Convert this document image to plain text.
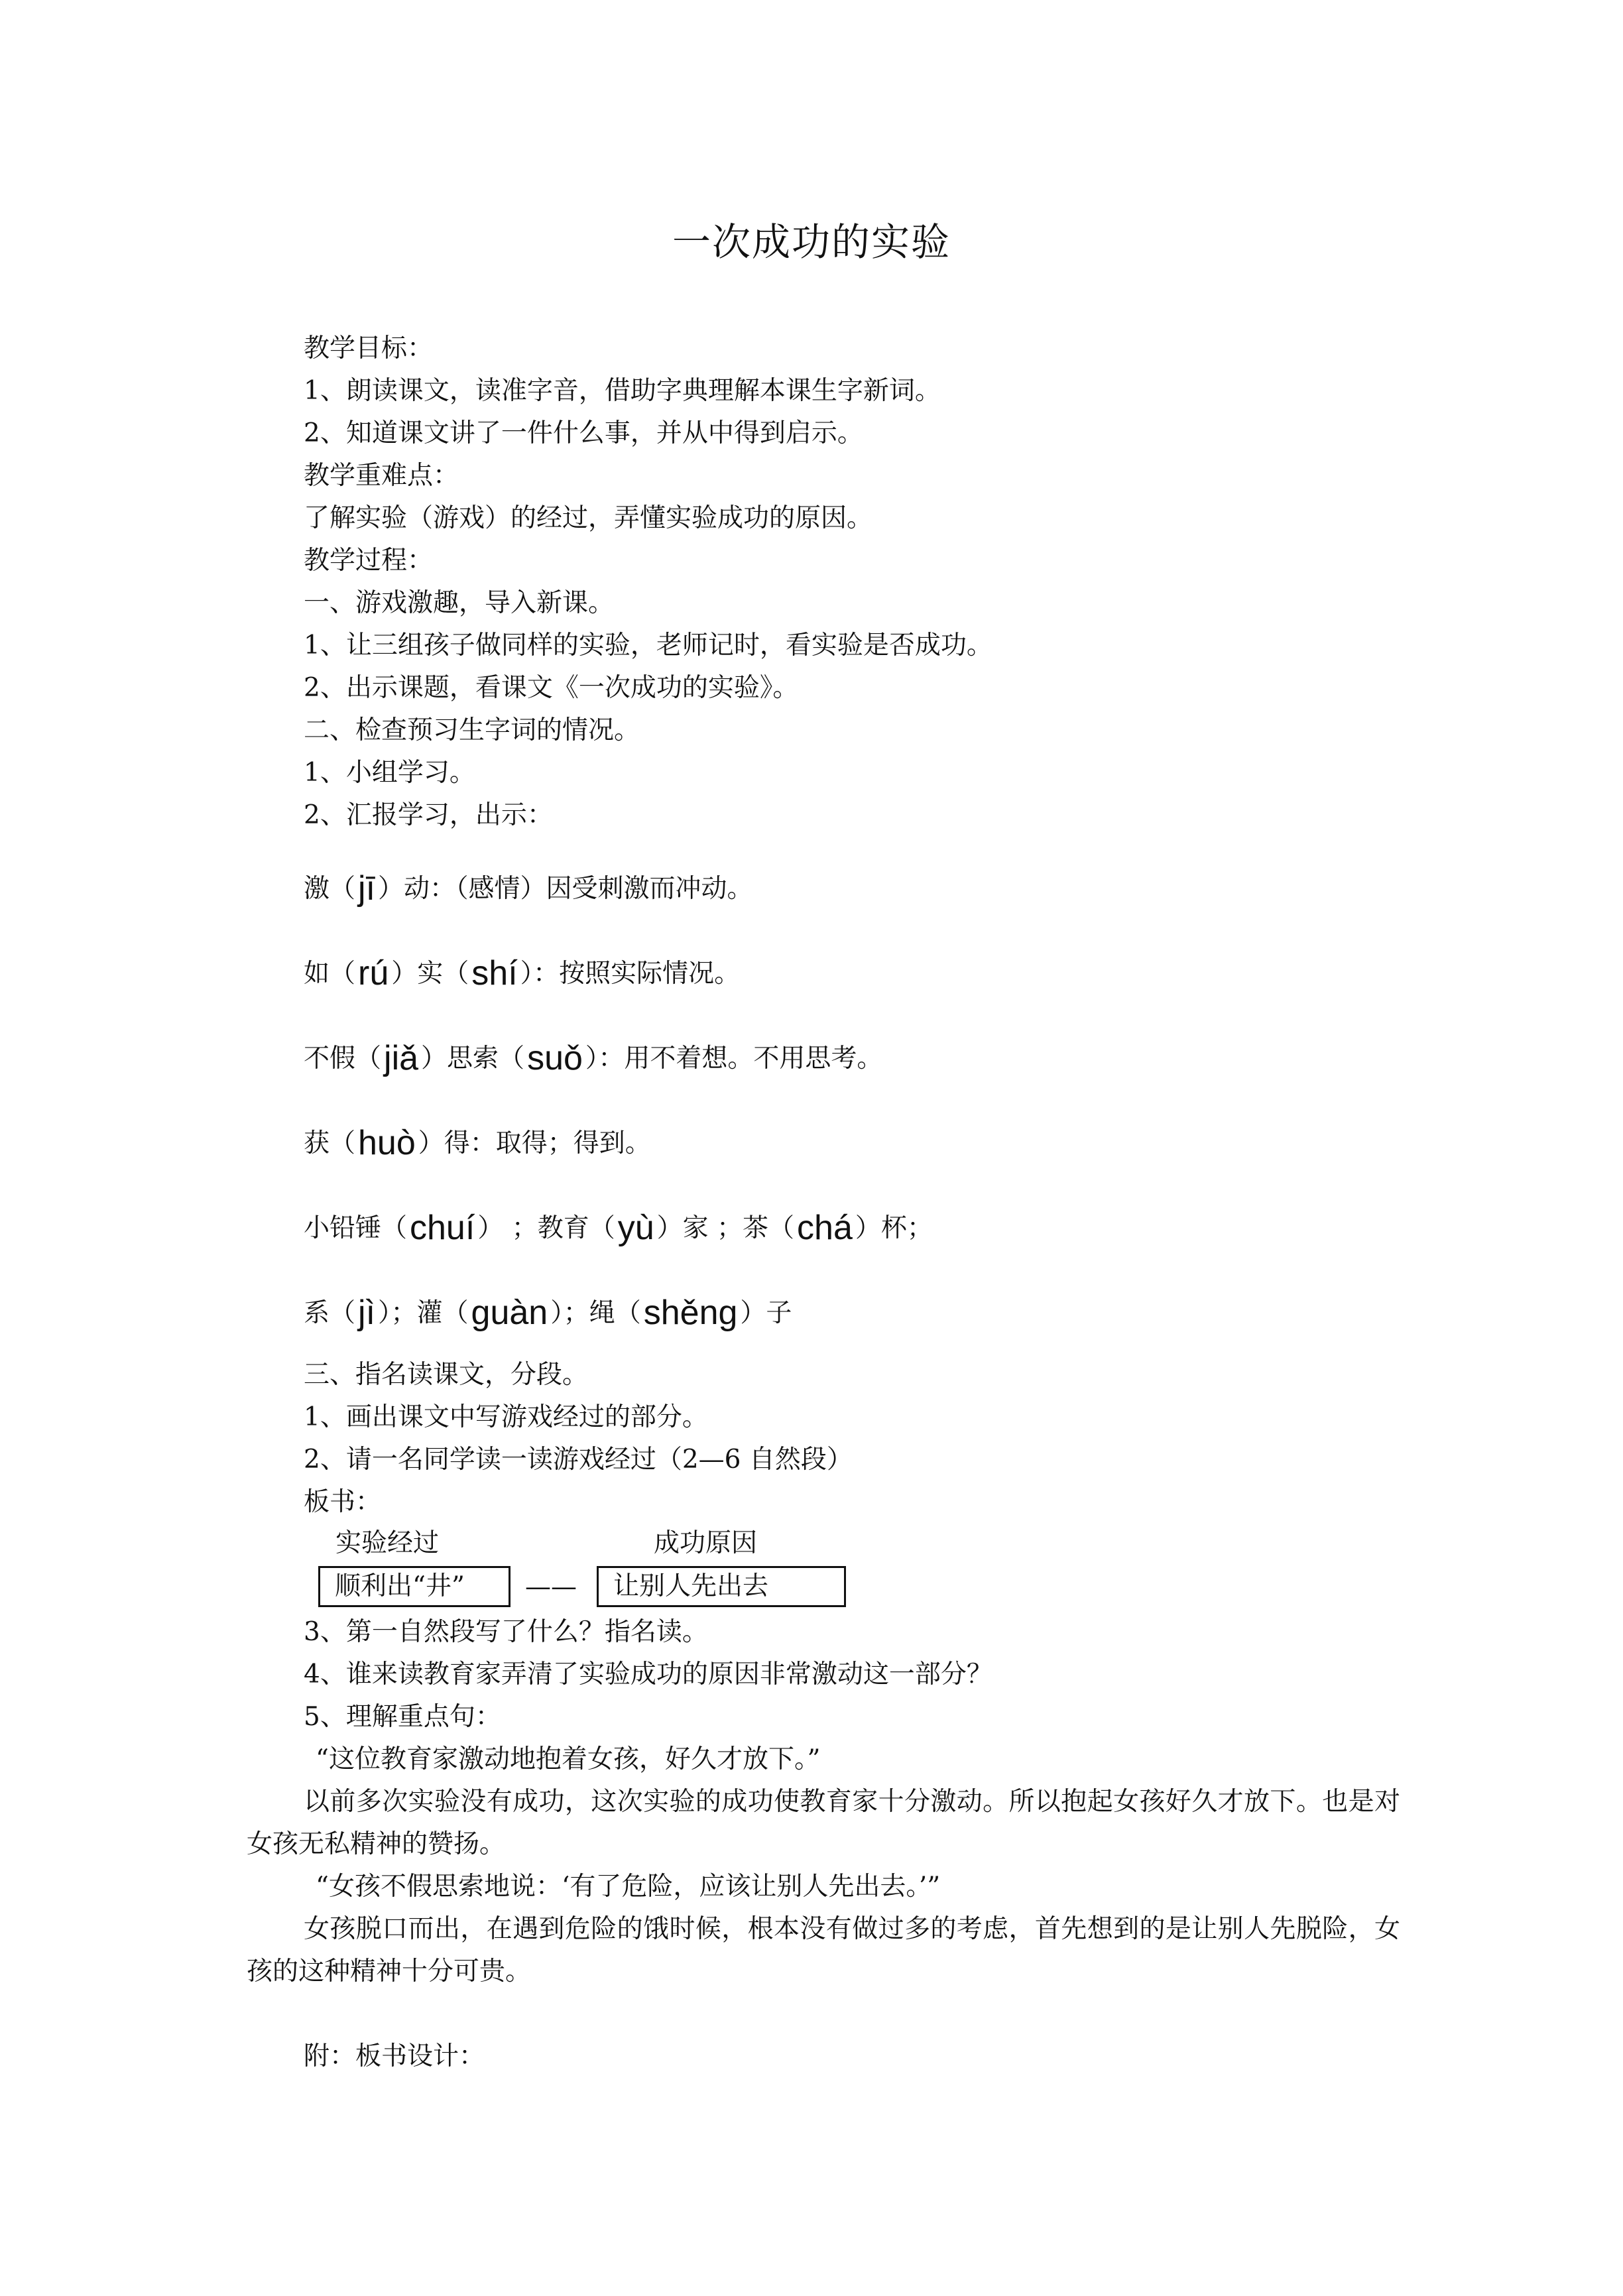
一次成功的实验
教学目标：
1、朗读课文，读准字音，借助字典理解本课生字新词。
2、知道课文讲了一件什么事，并从中得到启示。
教学重难点：
了解实验（游戏）的经过，弄懂实验成功的原因。
教学过程：
一、游戏激趣，导入新课。
1、让三组孩子做同样的实验，老师记时，看实验是否成功。
2、出示课题，看课文《一次成功的实验》。
二、检查预习生字词的情况。
1、小组学习。
2、汇报学习，出示：
激（jī ）动：（感情）因受刺激而冲动。
如（rú ）实（shí ）：按照实际情况。
不假（jiǎ ）思索（suǒ ）：用不着想。不用思考。
获（huò ）得：取得；得到。
小铅锤（chuí ） ；教育（yù ）家 ；茶（chá ）杯；
系（jì ）；灌（guàn ）；绳（shěng ）子
三、指名读课文，分段。
1、画出课文中写游戏经过的部分。
2、请一名同学读一读游戏经过（2—6 自然段）
板书：
实验经过	成功原因
顺利出“井”	——	让别人先出去
3、第一自然段写了什么？指名读。
4、谁来读教育家弄清了实验成功的原因非常激动这一部分？
5、理解重点句：
“这位教育家激动地抱着女孩，好久才放下。”
以前多次实验没有成功，这次实验的成功使教育家十分激动。所以抱起女孩好久才放下。也是对女孩无私精神的赞扬。
“女孩不假思索地说：‘有了危险，应该让别人先出去。’”
女孩脱口而出，在遇到危险的饿时候，根本没有做过多的考虑，首先想到的是让别人先脱险，女孩的这种精神十分可贵。
附：板书设计：
